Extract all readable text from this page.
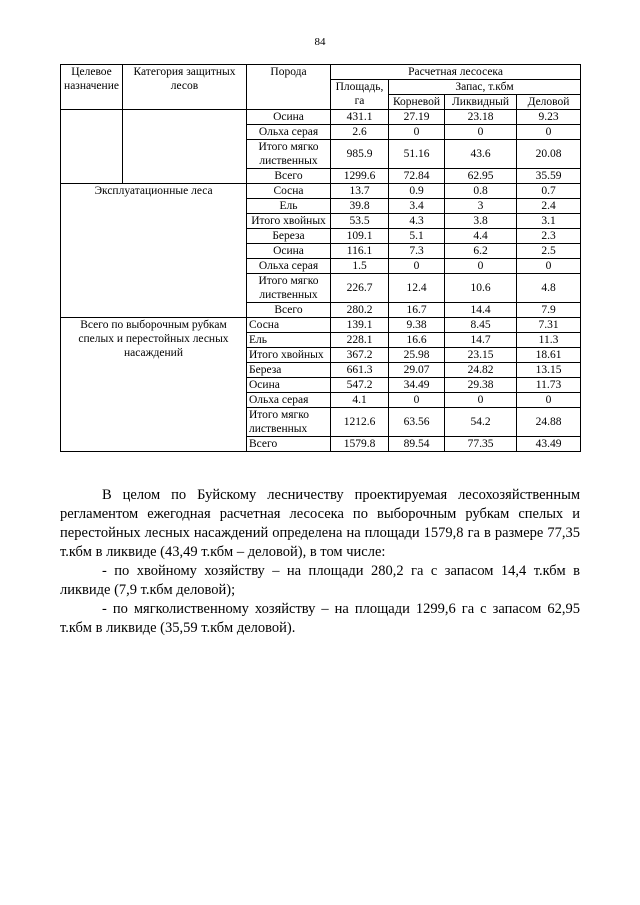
84
Целевое назначение	Категория защитных лесов	Порода	Расчетная лесосека			
			Площадь, га	Запас, т.кбм		
				Корневой	Ликвидный	Деловой
		Осина	431.1	27.19	23.18	9.23
		Ольха серая	2.6	0	0	0
		Итого мягко лиственных	985.9	51.16	43.6	20.08
		Всего	1299.6	72.84	62.95	35.59
Эксплуатационные леса		Сосна	13.7	0.9	0.8	0.7
		Ель	39.8	3.4	3	2.4
		Итого хвойных	53.5	4.3	3.8	3.1
		Береза	109.1	5.1	4.4	2.3
		Осина	116.1	7.3	6.2	2.5
		Ольха серая	1.5	0	0	0
		Итого мягко лиственных	226.7	12.4	10.6	4.8
		Всего	280.2	16.7	14.4	7.9
Всего по выборочным рубкам спелых и перестойных лесных насаждений		Сосна	139.1	9.38	8.45	7.31
		Ель	228.1	16.6	14.7	11.3
		Итого хвойных	367.2	25.98	23.15	18.61
		Береза	661.3	29.07	24.82	13.15
		Осина	547.2	34.49	29.38	11.73
		Ольха серая	4.1	0	0	0
		Итого мягко лиственных	1212.6	63.56	54.2	24.88
		Всего	1579.8	89.54	77.35	43.49
В целом по Буйскому лесничеству проектируемая лесохозяйственным регламентом ежегодная расчетная лесосека по выборочным рубкам спелых и перестойных лесных насаждений определена на площади 1579,8 га в размере 77,35 т.кбм в ликвиде (43,49 т.кбм – деловой), в том числе:
- по хвойному хозяйству – на площади 280,2 га с запасом 14,4 т.кбм в ликвиде (7,9 т.кбм деловой);
- по мягколиственному хозяйству – на площади 1299,6 га с запасом 62,95 т.кбм в ликвиде (35,59 т.кбм деловой).
